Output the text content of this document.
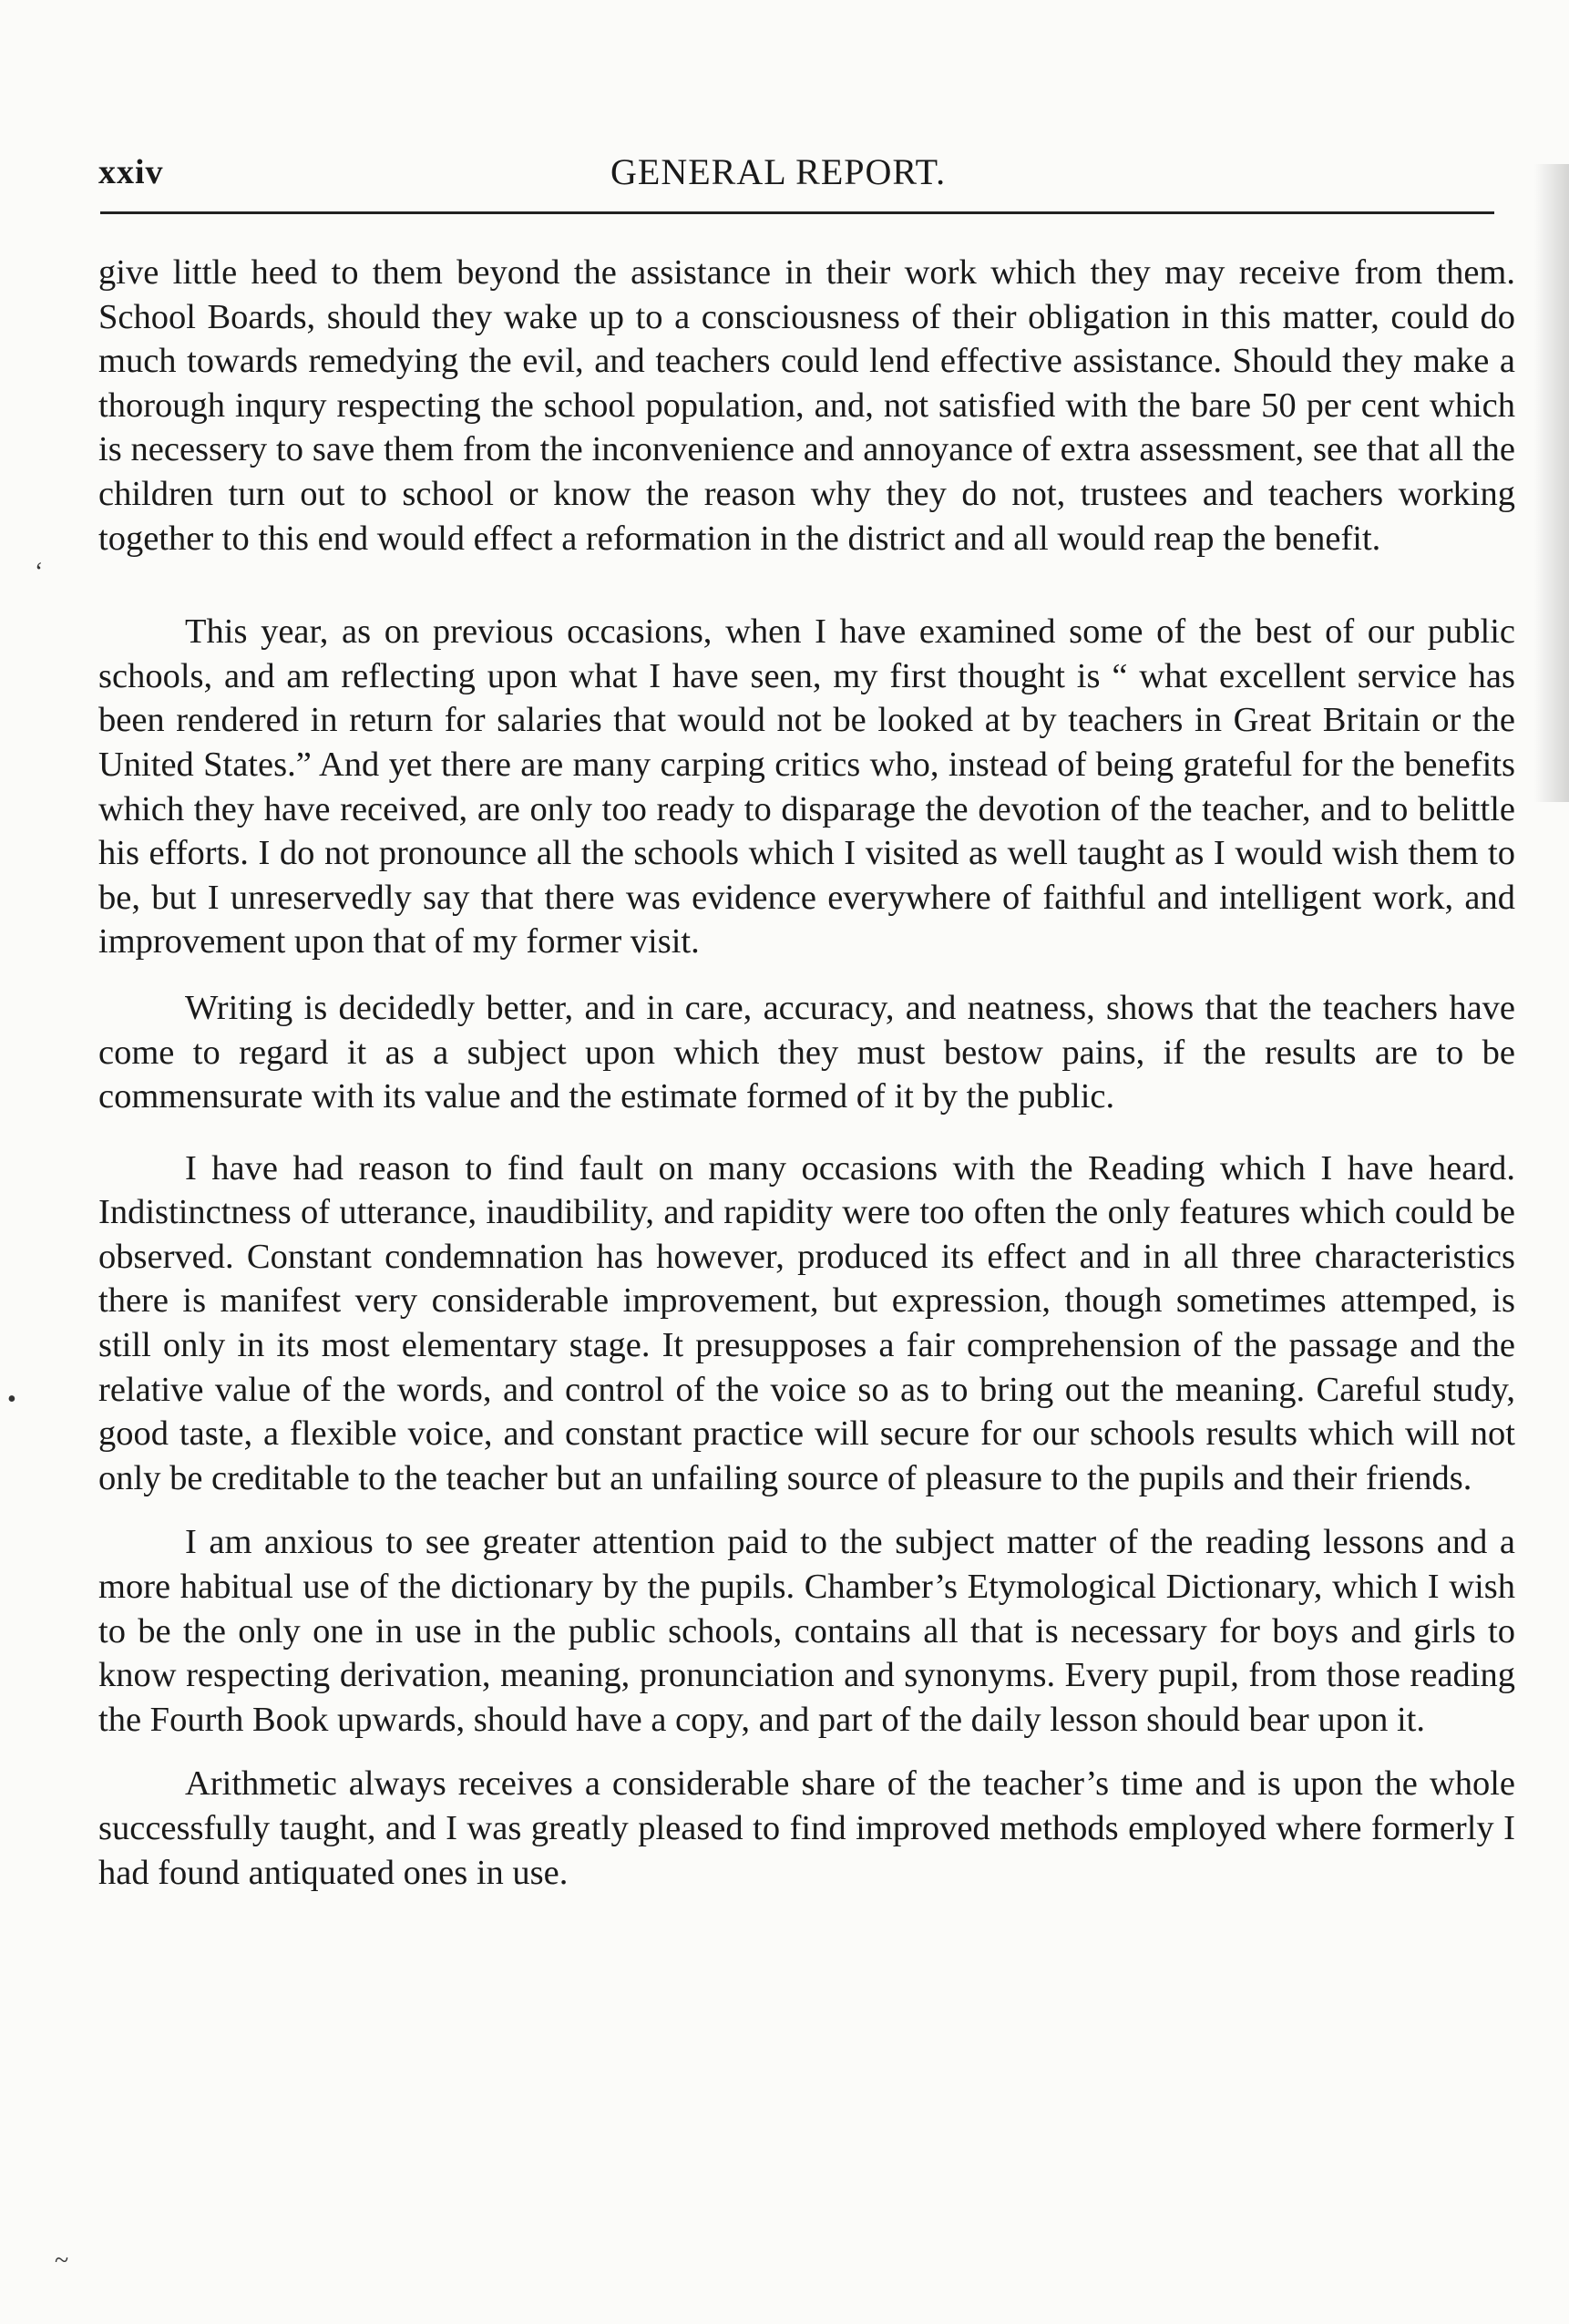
xxiv	GENERAL REPORT.
ʻ
•
~

give little heed to them beyond the assistance in their work which they may receive from them. School Boards, should they wake up to a consciousness of their obligation in this matter, could do much towards remedying the evil, and teachers could lend effective assistance. Should they make a thorough inqury respecting the school population, and, not satisfied with the bare 50 per cent which is necessery to save them from the inconvenience and annoyance of extra assessment, see that all the children turn out to school or know the reason why they do not, trustees and teachers working together to this end would effect a reformation in the district and all would reap the benefit.

This year, as on previous occasions, when I have examined some of the best of our public schools, and am reflecting upon what I have seen, my first thought is “ what excellent service has been rendered in return for salaries that would not be looked at by teachers in Great Britain or the United States.” And yet there are many carping critics who, instead of being grateful for the benefits which they have received, are only too ready to disparage the devotion of the teacher, and to belittle his efforts. I do not pronounce all the schools which I visited as well taught as I would wish them to be, but I unreservedly say that there was evidence everywhere of faithful and intelligent work, and improvement upon that of my former visit.

Writing is decidedly better, and in care, accuracy, and neatness, shows that the teachers have come to regard it as a subject upon which they must bestow pains, if the results are to be commensurate with its value and the estimate formed of it by the public.

I have had reason to find fault on many occasions with the Reading which I have heard. Indistinctness of utterance, inaudibility, and rapidity were too often the only features which could be observed. Constant condemnation has however, produced its effect and in all three characteristics there is manifest very considerable improvement, but expression, though sometimes attemped, is still only in its most elementary stage. It presupposes a fair comprehension of the passage and the relative value of the words, and control of the voice so as to bring out the meaning. Careful study, good taste, a flexible voice, and constant practice will secure for our schools results which will not only be creditable to the teacher but an unfailing source of pleasure to the pupils and their friends.

I am anxious to see greater attention paid to the subject matter of the reading lessons and a more habitual use of the dictionary by the pupils. Chamber’s Etymological Dictionary, which I wish to be the only one in use in the public schools, contains all that is necessary for boys and girls to know respecting derivation, meaning, pronunciation and synonyms. Every pupil, from those reading the Fourth Book upwards, should have a copy, and part of the daily lesson should bear upon it.

Arithmetic always receives a considerable share of the teacher’s time and is upon the whole successfully taught, and I was greatly pleased to find improved methods employed where formerly I had found antiquated ones in use.
